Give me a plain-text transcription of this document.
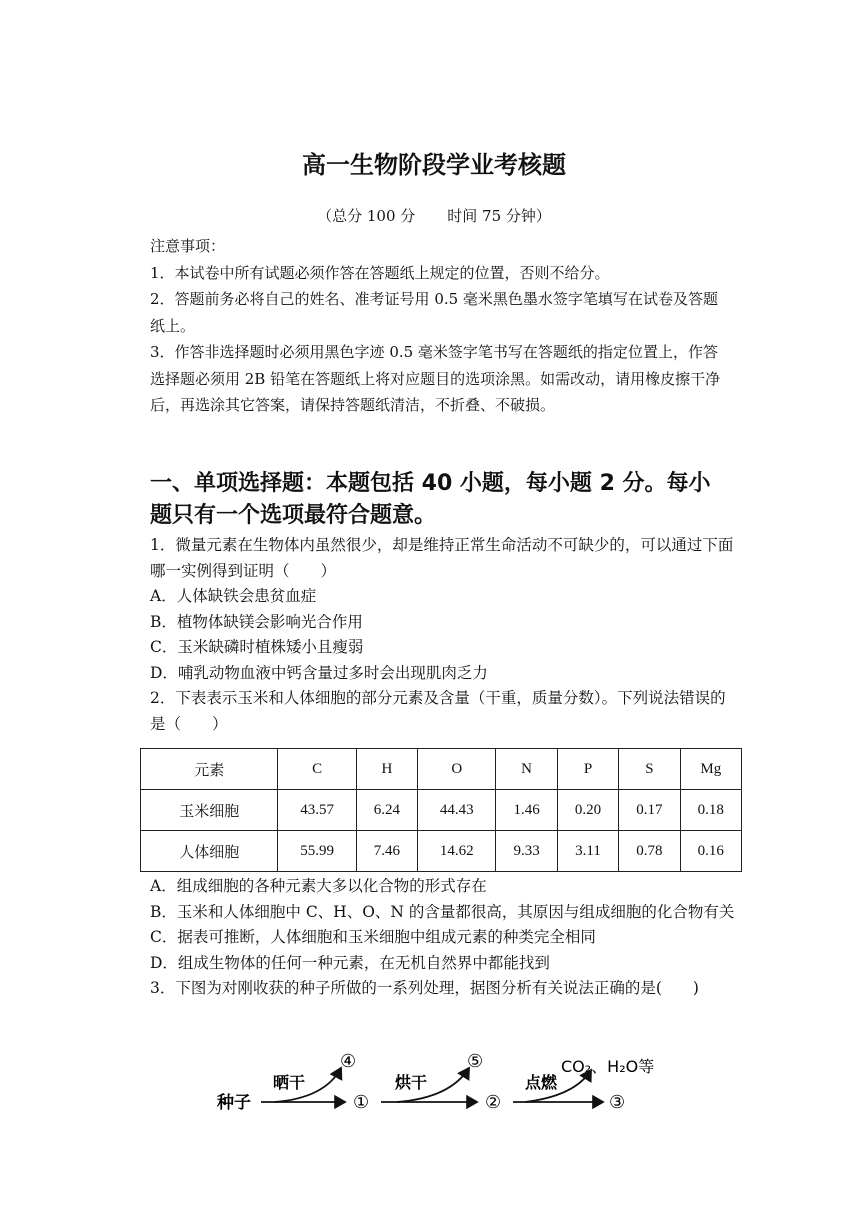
高一生物阶段学业考核题
（总分 100 分 时间 75 分钟）

注意事项：

1．本试卷中所有试题必须作答在答题纸上规定的位置，否则不给分。

2．答题前务必将自己的姓名、准考证号用 0.5 毫米黑色墨水签字笔填写在试卷及答题纸上。

3．作答非选择题时必须用黑色字迹 0.5 毫米签字笔书写在答题纸的指定位置上，作答选择题必须用 2B 铅笔在答题纸上将对应题目的选项涂黑。如需改动，请用橡皮擦干净后，再选涂其它答案，请保持答题纸清洁，不折叠、不破损。

一、单项选择题：本题包括 40 小题，每小题 2 分。每小题只有一个选项最符合题意。

1．微量元素在生物体内虽然很少，却是维持正常生命活动不可缺少的，可以通过下面哪一实例得到证明（　　）

A．人体缺铁会患贫血症

B．植物体缺镁会影响光合作用

C．玉米缺磷时植株矮小且瘦弱

D．哺乳动物血液中钙含量过多时会出现肌肉乏力

2．下表表示玉米和人体细胞的部分元素及含量（干重，质量分数）。下列说法错误的是（　　）

元素	C	H	O	N	P	S	Mg
玉米细胞	43.57	6.24	44.43	1.46	0.20	0.17	0.18
人体细胞	55.99	7.46	14.62	9.33	3.11	0.78	0.16

A．组成细胞的各种元素大多以化合物的形式存在

B．玉米和人体细胞中 C、H、O、N 的含量都很高，其原因与组成细胞的化合物有关

C．据表可推断，人体细胞和玉米细胞中组成元素的种类完全相同

D．组成生物体的任何一种元素，在无机自然界中都能找到

3．下图为对刚收获的种子所做的一系列处理，据图分析有关说法正确的是(　　)

种子
晒干
④
①
烘干
⑤
②
点燃
CO₂、H₂O等
③
